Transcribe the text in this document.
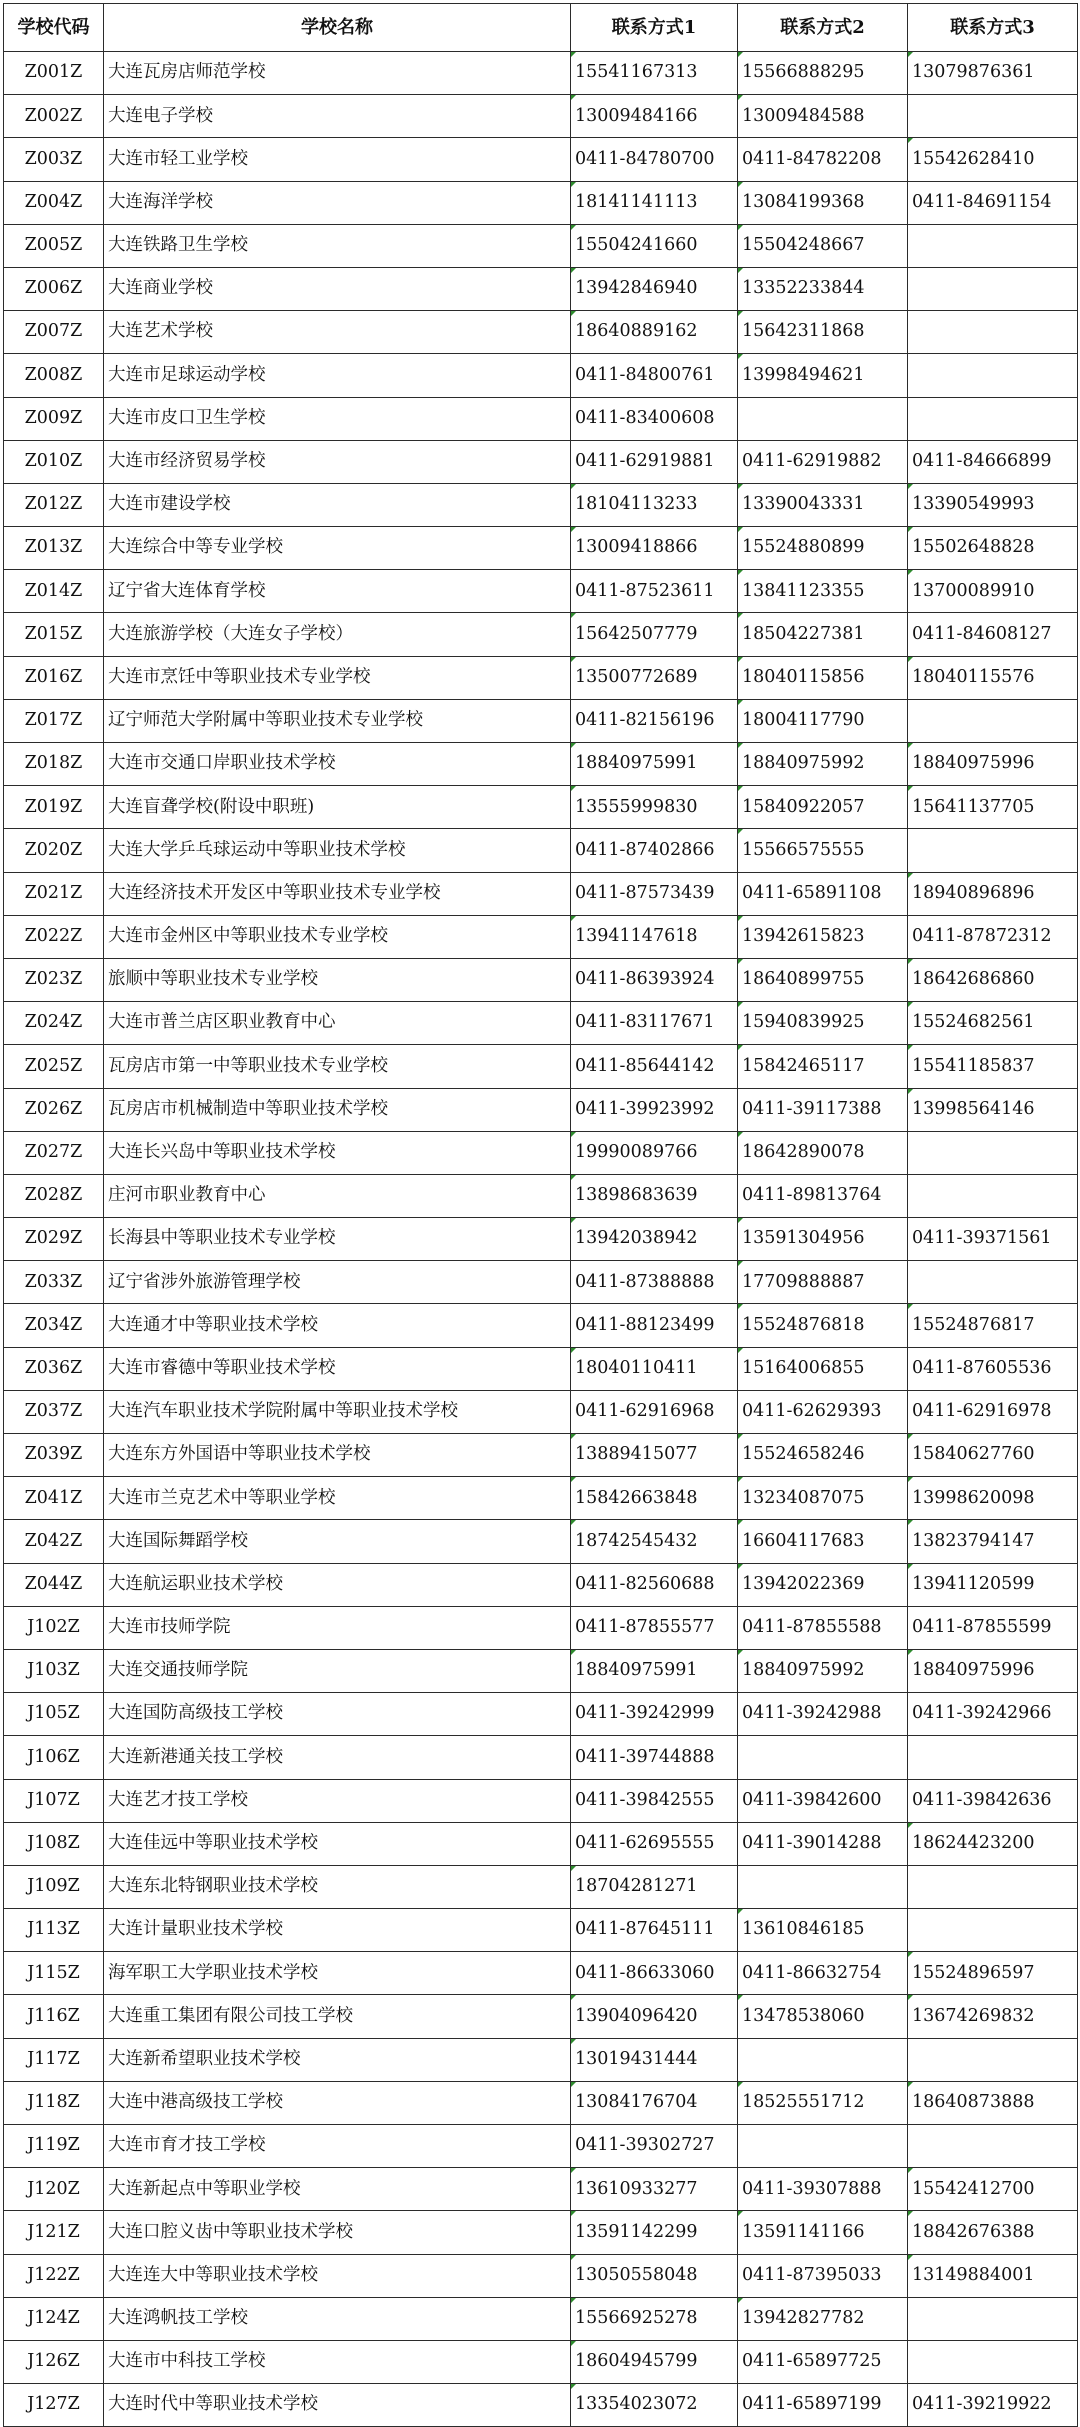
学校代码	学校名称	联系方式1	联系方式2	联系方式3
Z001Z	大连瓦房店师范学校	15541167313	15566888295	13079876361
Z002Z	大连电子学校	13009484166	13009484588	
Z003Z	大连市轻工业学校	0411-84780700	0411-84782208	15542628410
Z004Z	大连海洋学校	18141141113	13084199368	0411-84691154
Z005Z	大连铁路卫生学校	15504241660	15504248667	
Z006Z	大连商业学校	13942846940	13352233844	
Z007Z	大连艺术学校	18640889162	15642311868	
Z008Z	大连市足球运动学校	0411-84800761	13998494621	
Z009Z	大连市皮口卫生学校	0411-83400608		
Z010Z	大连市经济贸易学校	0411-62919881	0411-62919882	0411-84666899
Z012Z	大连市建设学校	18104113233	13390043331	13390549993
Z013Z	大连综合中等专业学校	13009418866	15524880899	15502648828
Z014Z	辽宁省大连体育学校	0411-87523611	13841123355	13700089910
Z015Z	大连旅游学校（大连女子学校）	15642507779	18504227381	0411-84608127
Z016Z	大连市烹饪中等职业技术专业学校	13500772689	18040115856	18040115576
Z017Z	辽宁师范大学附属中等职业技术专业学校	0411-82156196	18004117790	
Z018Z	大连市交通口岸职业技术学校	18840975991	18840975992	18840975996
Z019Z	大连盲聋学校(附设中职班)	13555999830	15840922057	15641137705
Z020Z	大连大学乒乓球运动中等职业技术学校	0411-87402866	15566575555	
Z021Z	大连经济技术开发区中等职业技术专业学校	0411-87573439	0411-65891108	18940896896
Z022Z	大连市金州区中等职业技术专业学校	13941147618	13942615823	0411-87872312
Z023Z	旅顺中等职业技术专业学校	0411-86393924	18640899755	18642686860
Z024Z	大连市普兰店区职业教育中心	0411-83117671	15940839925	15524682561
Z025Z	瓦房店市第一中等职业技术专业学校	0411-85644142	15842465117	15541185837
Z026Z	瓦房店市机械制造中等职业技术学校	0411-39923992	0411-39117388	13998564146
Z027Z	大连长兴岛中等职业技术学校	19990089766	18642890078	
Z028Z	庄河市职业教育中心	13898683639	0411-89813764	
Z029Z	长海县中等职业技术专业学校	13942038942	13591304956	0411-39371561
Z033Z	辽宁省涉外旅游管理学校	0411-87388888	17709888887	
Z034Z	大连通才中等职业技术学校	0411-88123499	15524876818	15524876817
Z036Z	大连市睿德中等职业技术学校	18040110411	15164006855	0411-87605536
Z037Z	大连汽车职业技术学院附属中等职业技术学校	0411-62916968	0411-62629393	0411-62916978
Z039Z	大连东方外国语中等职业技术学校	13889415077	15524658246	15840627760
Z041Z	大连市兰克艺术中等职业学校	15842663848	13234087075	13998620098
Z042Z	大连国际舞蹈学校	18742545432	16604117683	13823794147
Z044Z	大连航运职业技术学校	0411-82560688	13942022369	13941120599
J102Z	大连市技师学院	0411-87855577	0411-87855588	0411-87855599
J103Z	大连交通技师学院	18840975991	18840975992	18840975996
J105Z	大连国防高级技工学校	0411-39242999	0411-39242988	0411-39242966
J106Z	大连新港通关技工学校	0411-39744888		
J107Z	大连艺才技工学校	0411-39842555	0411-39842600	0411-39842636
J108Z	大连佳远中等职业技术学校	0411-62695555	0411-39014288	18624423200
J109Z	大连东北特钢职业技术学校	18704281271		
J113Z	大连计量职业技术学校	0411-87645111	13610846185	
J115Z	海军职工大学职业技术学校	0411-86633060	0411-86632754	15524896597
J116Z	大连重工集团有限公司技工学校	13904096420	13478538060	13674269832
J117Z	大连新希望职业技术学校	13019431444		
J118Z	大连中港高级技工学校	13084176704	18525551712	18640873888
J119Z	大连市育才技工学校	0411-39302727		
J120Z	大连新起点中等职业学校	13610933277	0411-39307888	15542412700
J121Z	大连口腔义齿中等职业技术学校	13591142299	13591141166	18842676388
J122Z	大连连大中等职业技术学校	13050558048	0411-87395033	13149884001
J124Z	大连鸿帆技工学校	15566925278	13942827782	
J126Z	大连市中科技工学校	18604945799	0411-65897725	
J127Z	大连时代中等职业技术学校	13354023072	0411-65897199	0411-39219922
